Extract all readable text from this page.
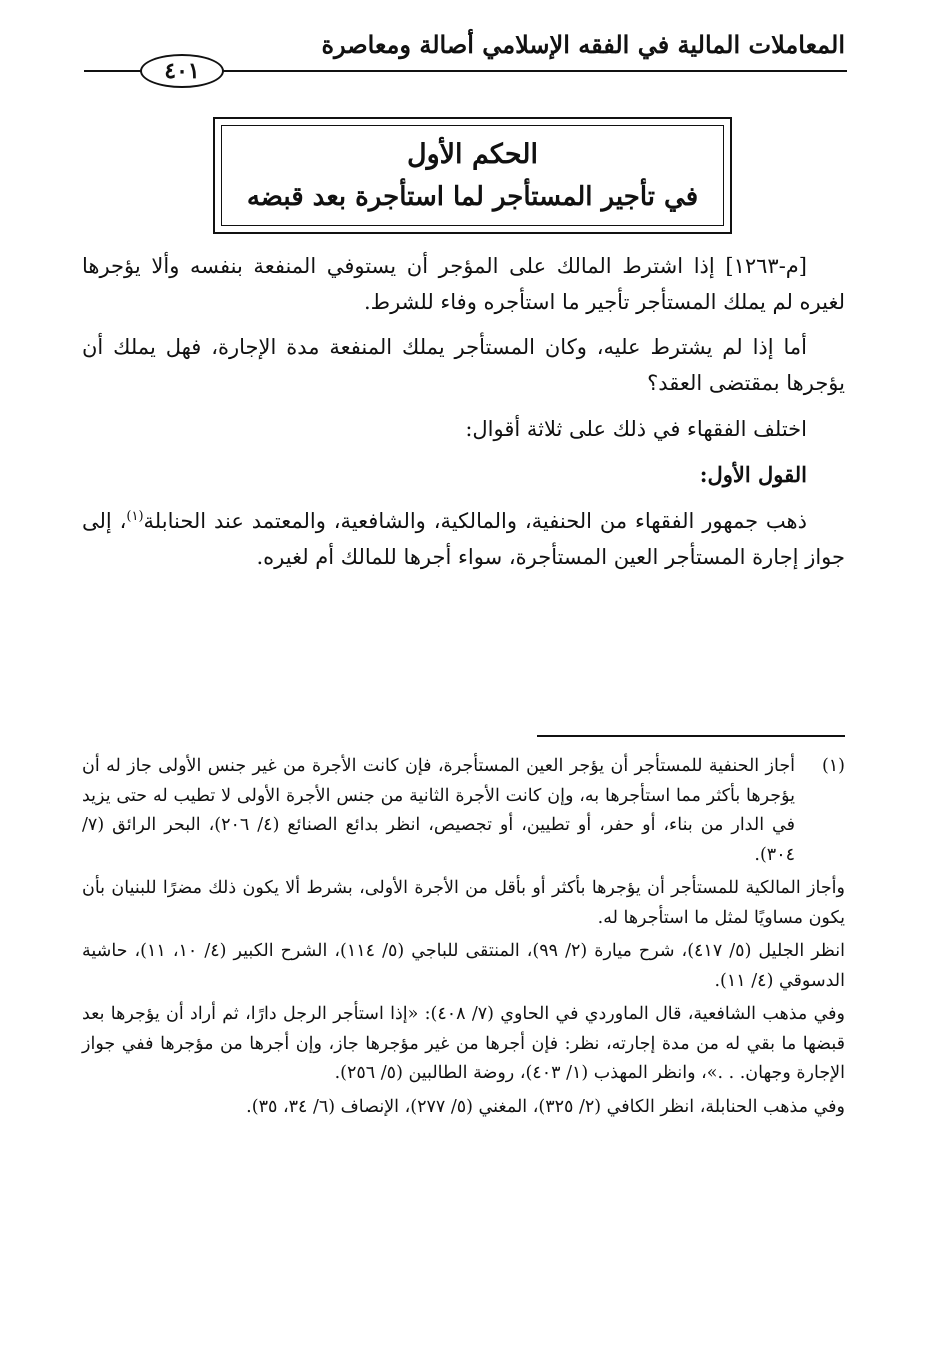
المعاملات المالية في الفقه الإسلامي أصالة ومعاصرة
٤٠١
الحكم الأول
في تأجير المستأجر لما استأجرة بعد قبضه

[م-١٢٦٣] إذا اشترط المالك على المؤجر أن يستوفي المنفعة بنفسه وألا يؤجرها لغيره لم يملك المستأجر تأجير ما استأجره وفاء للشرط.

أما إذا لم يشترط عليه، وكان المستأجر يملك المنفعة مدة الإجارة، فهل يملك أن يؤجرها بمقتضى العقد؟

اختلف الفقهاء في ذلك على ثلاثة أقوال:

القول الأول:

ذهب جمهور الفقهاء من الحنفية، والمالكية، والشافعية، والمعتمد عند الحنابلة$^{(١)}$، إلى جواز إجارة المستأجر العين المستأجرة، سواء أجرها للمالك أم لغيره.

(١)
أجاز الحنفية للمستأجر أن يؤجر العين المستأجرة، فإن كانت الأجرة من غير جنس الأولى جاز له أن يؤجرها بأكثر مما استأجرها به، وإن كانت الأجرة الثانية من جنس الأجرة الأولى لا تطيب له حتى يزيد في الدار من بناء، أو حفر، أو تطيين، أو تجصيص، انظر بدائع الصنائع (٤/ ٢٠٦)، البحر الرائق (٧/ ٣٠٤).

وأجاز المالكية للمستأجر أن يؤجرها بأكثر أو بأقل من الأجرة الأولى، بشرط ألا يكون ذلك مضرًا للبنيان بأن يكون مساويًا لمثل ما استأجرها له.

انظر الجليل (٥/ ٤١٧)، شرح ميارة (٢/ ٩٩)، المنتقى للباجي (٥/ ١١٤)، الشرح الكبير (٤/ ١٠، ١١)، حاشية الدسوقي (٤/ ١١).

وفي مذهب الشافعية، قال الماوردي في الحاوي (٧/ ٤٠٨): «إذا استأجر الرجل دارًا، ثم أراد أن يؤجرها بعد قبضها ما بقي له من مدة إجارته، نظر: فإن أجرها من غير مؤجرها جاز، وإن أجرها من مؤجرها ففي جواز الإجارة وجهان. . .»، وانظر المهذب (١/ ٤٠٣)، روضة الطالبين (٥/ ٢٥٦).

وفي مذهب الحنابلة، انظر الكافي (٢/ ٣٢٥)، المغني (٥/ ٢٧٧)، الإنصاف (٦/ ٣٤، ٣٥).
